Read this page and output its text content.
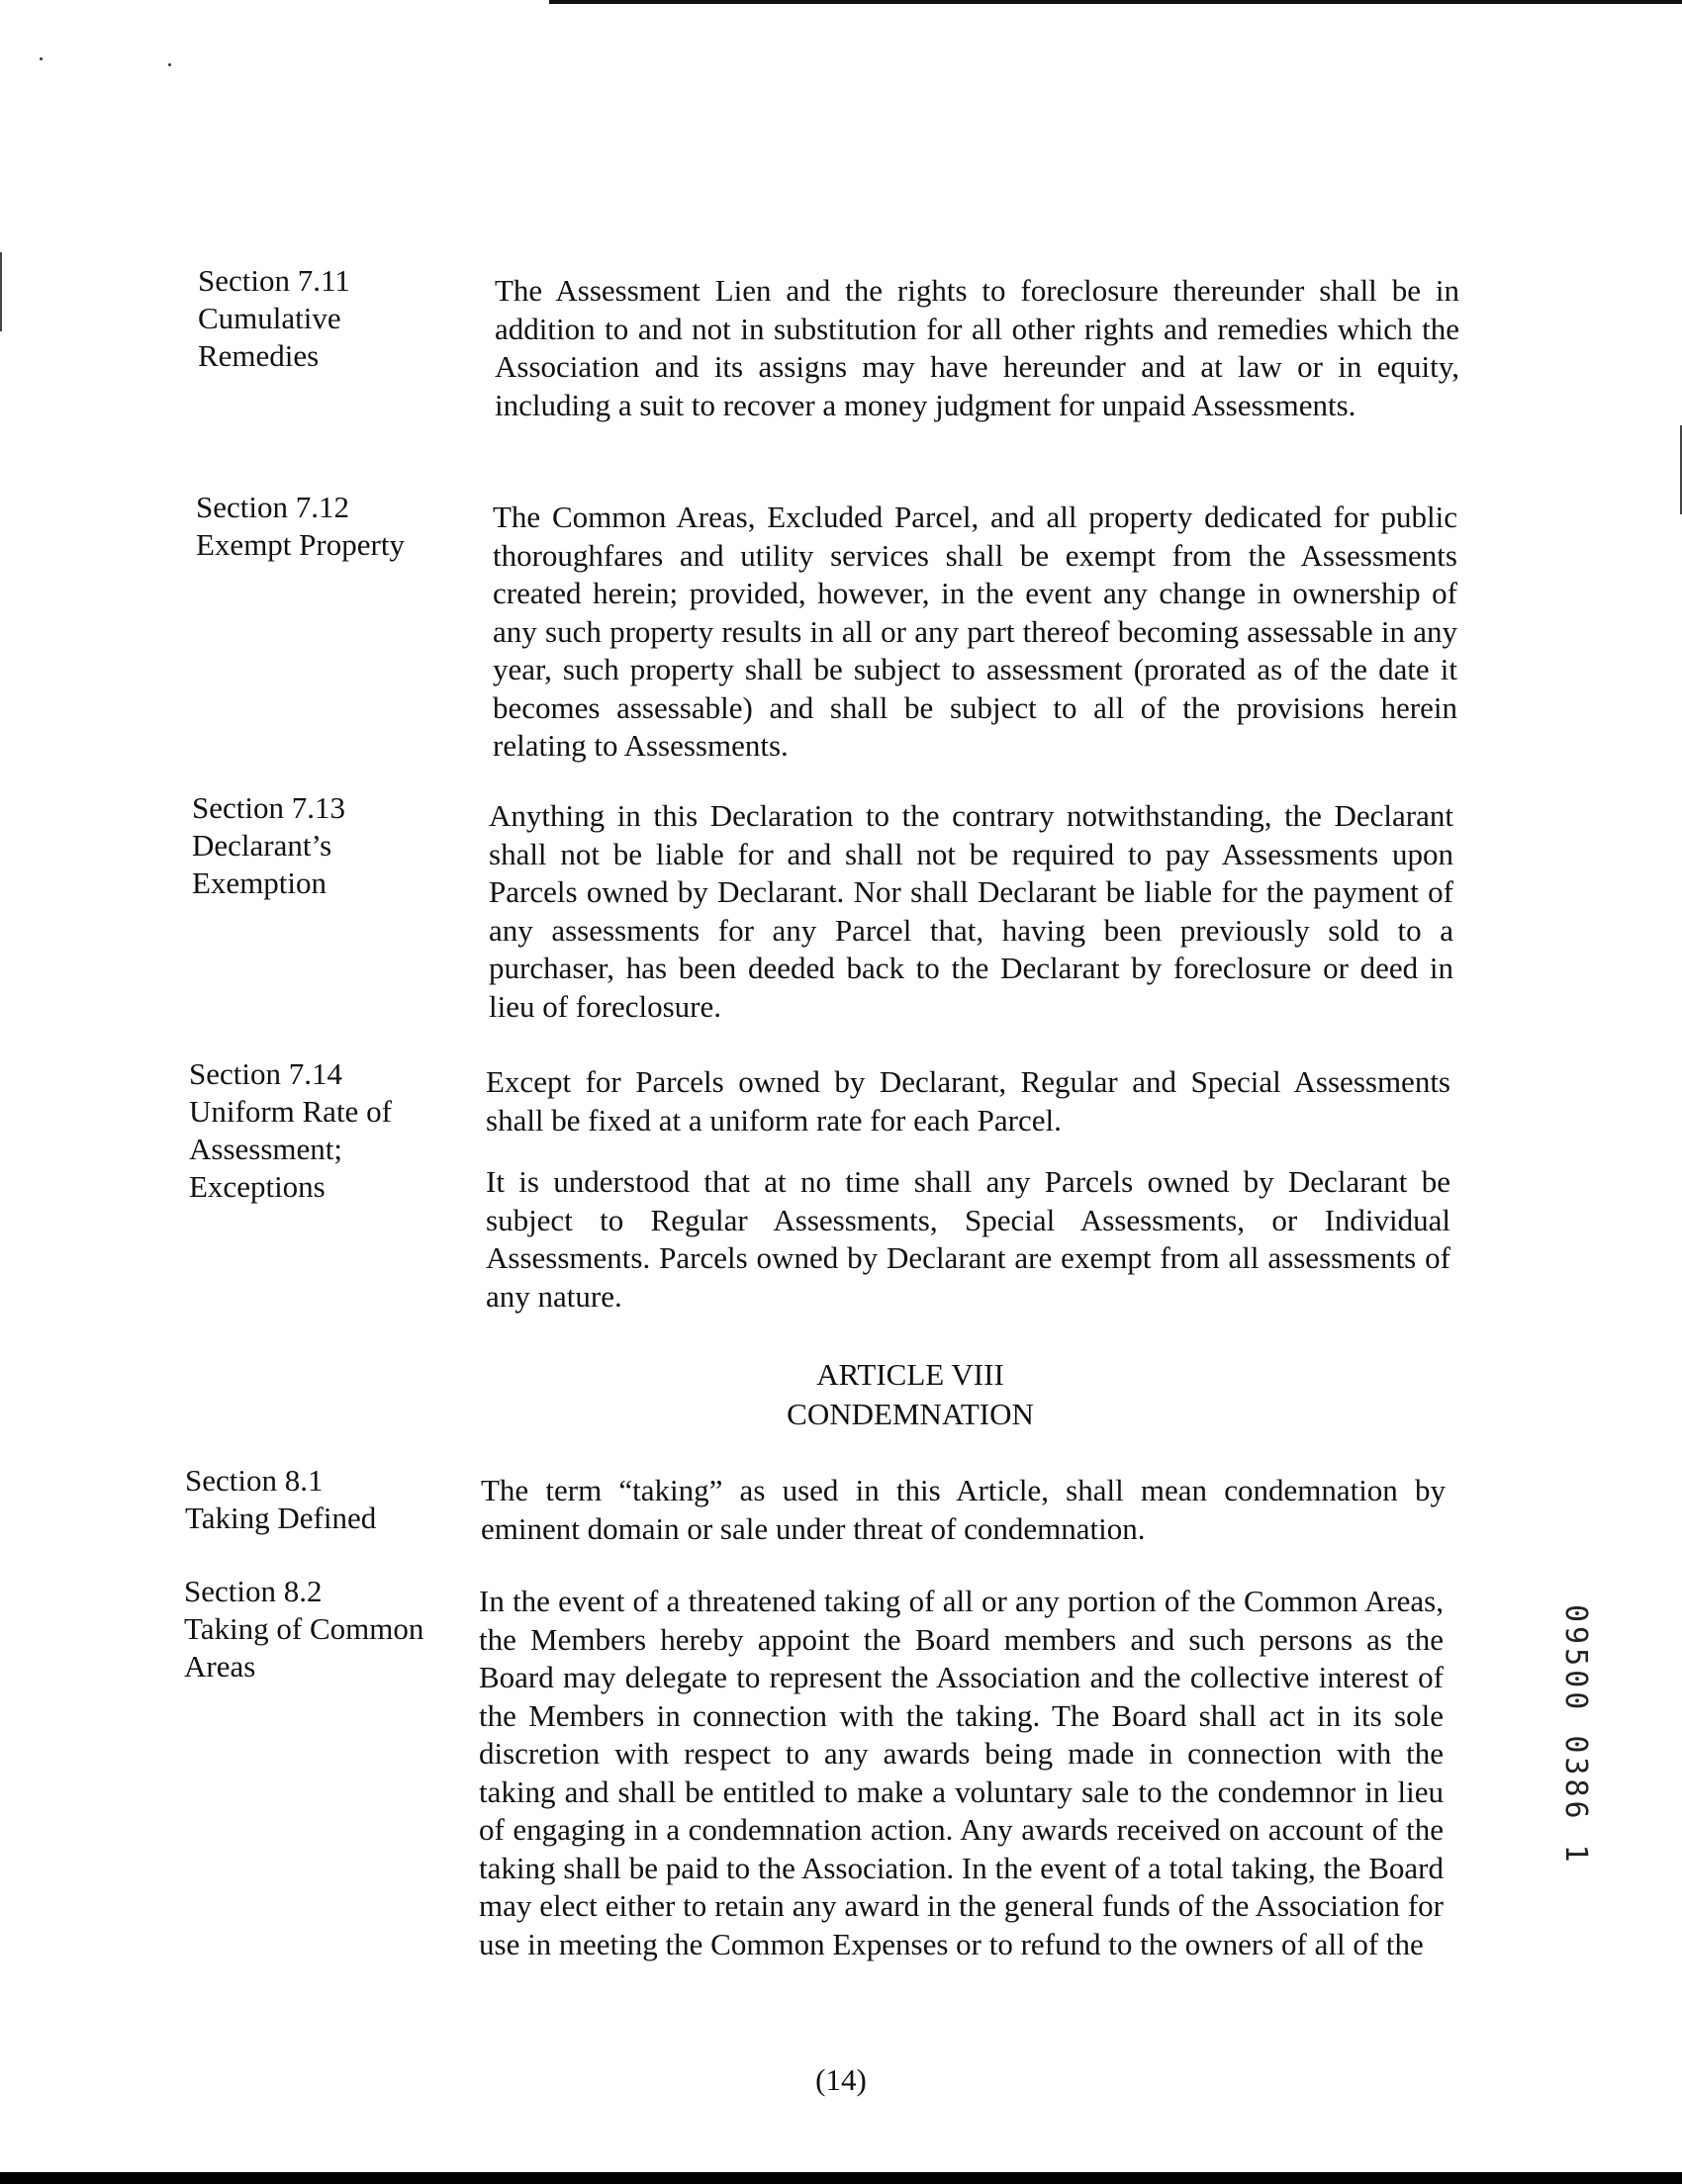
Section 7.11
Cumulative
Remedies

The Assessment Lien and the rights to foreclosure thereunder shall be in addition to and not in substitution for all other rights and remedies which the Association and its assigns may have hereunder and at law or in equity, including a suit to recover a money judgment for unpaid Assessments.

Section 7.12
Exempt Property

The Common Areas, Excluded Parcel, and all property dedicated for public thoroughfares and utility services shall be exempt from the Assessments created herein; provided, however, in the event any change in ownership of any such property results in all or any part thereof becoming assessable in any year, such property shall be subject to assessment (prorated as of the date it becomes assessable) and shall be subject to all of the provisions herein relating to Assessments.

Section 7.13
Declarant’s
Exemption

Anything in this Declaration to the contrary notwithstanding, the Declarant shall not be liable for and shall not be required to pay Assessments upon Parcels owned by Declarant. Nor shall Declarant be liable for the payment of any assessments for any Parcel that, having been previously sold to a purchaser, has been deeded back to the Declarant by foreclosure or deed in lieu of foreclosure.

Section 7.14
Uniform Rate of
Assessment;
Exceptions

Except for Parcels owned by Declarant, Regular and Special Assessments shall be fixed at a uniform rate for each Parcel.

It is understood that at no time shall any Parcels owned by Declarant be subject to Regular Assessments, Special Assessments, or Individual Assessments. Parcels owned by Declarant are exempt from all assessments of any nature.

ARTICLE VIII
CONDEMNATION
Section 8.1
Taking Defined

The term “taking” as used in this Article, shall mean condemnation by eminent domain or sale under threat of condemnation.

Section 8.2
Taking of Common
Areas

In the event of a threatened taking of all or any portion of the Common Areas, the Members hereby appoint the Board members and such persons as the Board may delegate to represent the Association and the collective interest of the Members in connection with the taking. The Board shall act in its sole discretion with respect to any awards being made in connection with the taking and shall be entitled to make a voluntary sale to the condemnor in lieu of engaging in a condemnation action. Any awards received on account of the taking shall be paid to the Association. In the event of a total taking, the Board may elect either to retain any award in the general funds of the Association for use in meeting the Common Expenses or to refund to the owners of all of the

09500 0386 1
(14)
